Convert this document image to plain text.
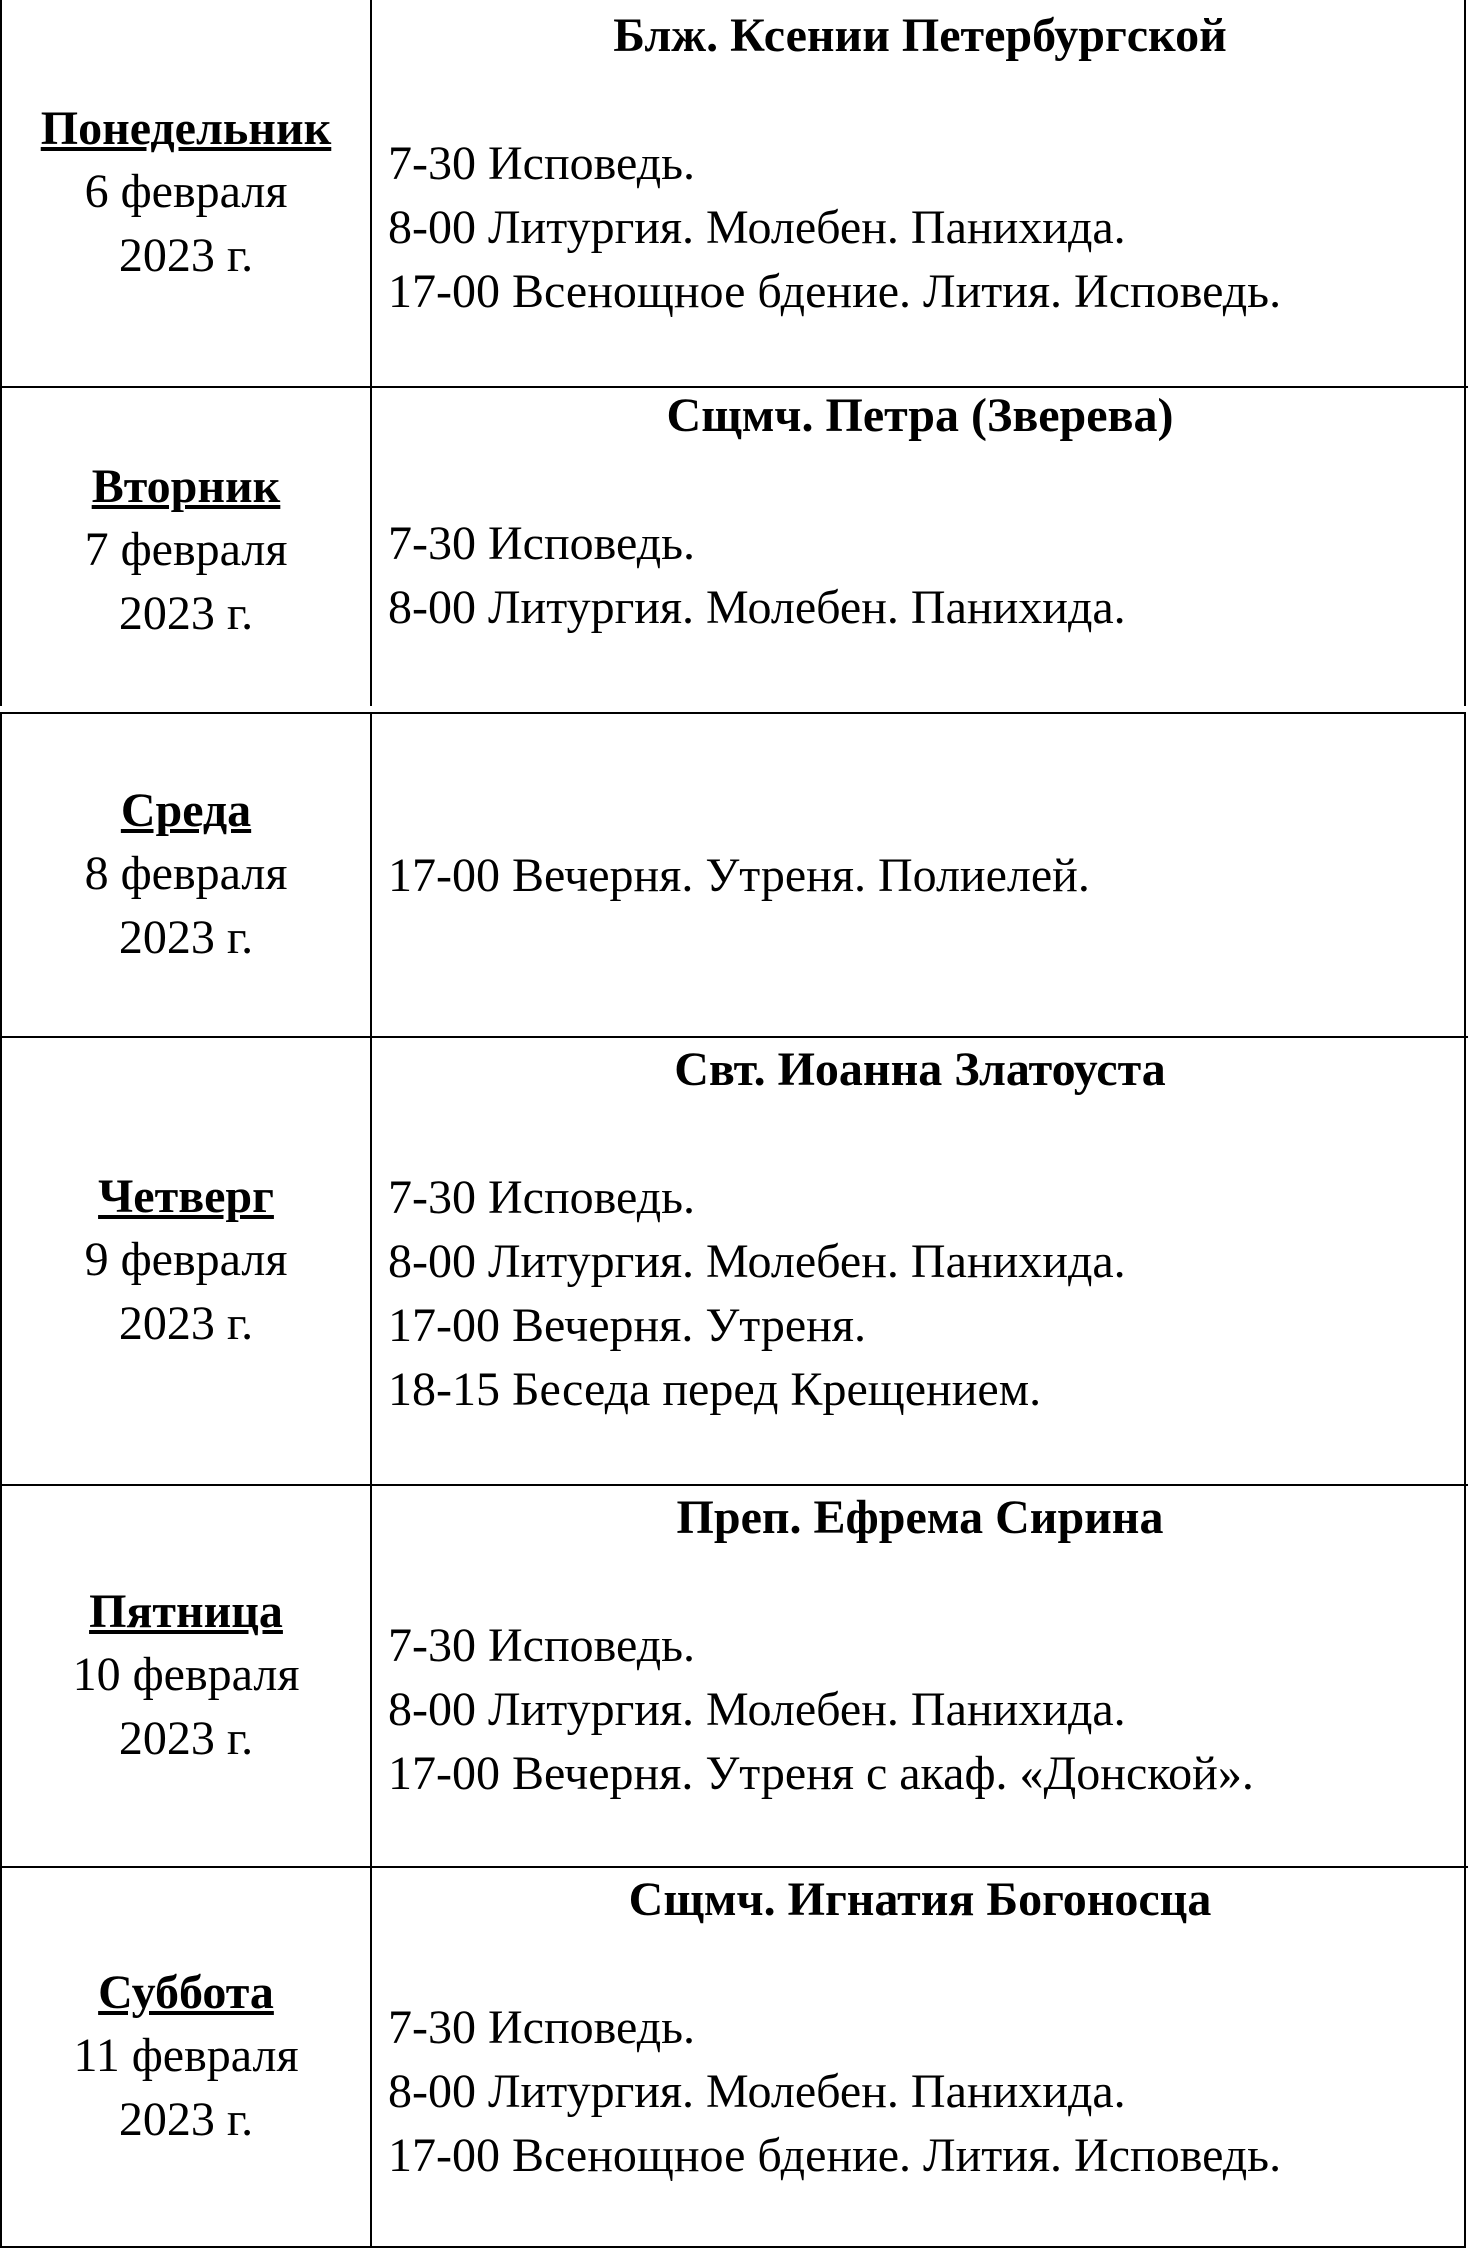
Понедельник
6 февраля
2023 г.
Блж. Ксении Петербургской
7-30 Исповедь.
8-00 Литургия. Молебен. Панихида.
17-00 Всенощное бдение. Лития. Исповедь.
Вторник
7 февраля
2023 г.
Сщмч. Петра (Зверева)
7-30 Исповедь.
8-00 Литургия. Молебен. Панихида.
Среда
8 февраля
2023 г.
17-00 Вечерня. Утреня. Полиелей.
Четверг
9 февраля
2023 г.
Свт. Иоанна Златоуста
7-30 Исповедь.
8-00 Литургия. Молебен. Панихида.
17-00 Вечерня. Утреня.
18-15 Беседа перед Крещением.
Пятница
10 февраля
2023 г.
Преп. Ефрема Сирина
7-30 Исповедь.
8-00 Литургия. Молебен. Панихида.
17-00 Вечерня. Утреня с акаф. «Донской».
Суббота
11 февраля
2023 г.
Сщмч. Игнатия Богоносца
7-30 Исповедь.
8-00 Литургия. Молебен. Панихида.
17-00 Всенощное бдение. Лития. Исповедь.
